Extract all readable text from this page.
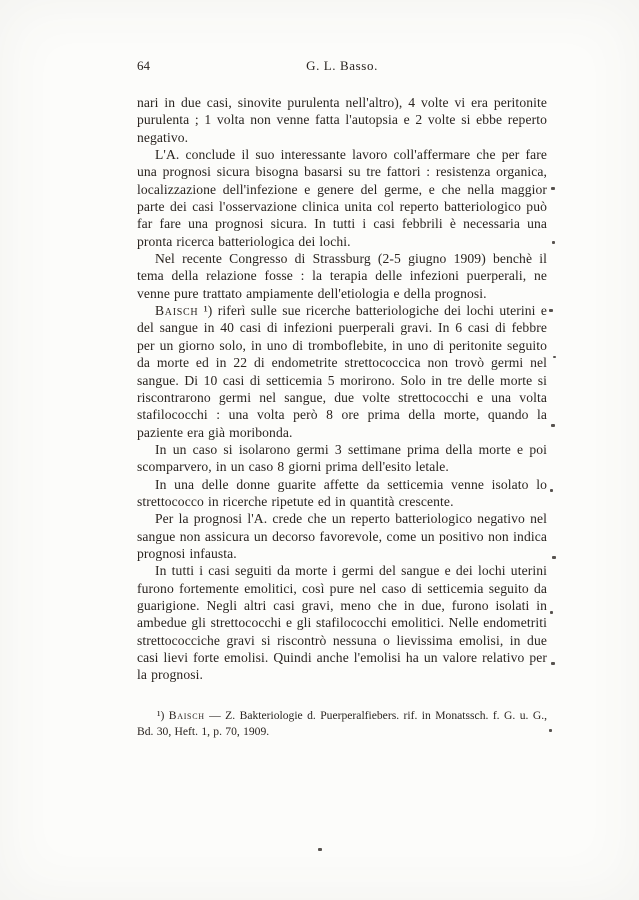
64	G. L. Basso.

nari in due casi, sinovite purulenta nell'altro), 4 volte vi era peritonite purulenta ; 1 volta non venne fatta l'autopsia e 2 volte si ebbe reperto negativo.

L'A. conclude il suo interessante lavoro coll'affermare che per fare una prognosi sicura bisogna basarsi su tre fattori : resistenza organica, localizzazione dell'infezione e genere del germe, e che nella maggior parte dei casi l'osservazione clinica unita col reperto batteriologico può far fare una prognosi sicura. In tutti i casi febbrili è necessaria una pronta ricerca batteriologica dei lochi.

Nel recente Congresso di Strassburg (2-5 giugno 1909) benchè il tema della relazione fosse : la terapia delle infezioni puerperali, ne venne pure trattato ampiamente dell'etiologia e della prognosi.

Baisch ¹) riferì sulle sue ricerche batteriologiche dei lochi uterini e del sangue in 40 casi di infezioni puerperali gravi. In 6 casi di febbre per un giorno solo, in uno di tromboflebite, in uno di peritonite seguito da morte ed in 22 di endometrite strettococcica non trovò germi nel sangue. Di 10 casi di setticemia 5 morirono. Solo in tre delle morte si riscontrarono germi nel sangue, due volte strettococchi e una volta stafilococchi : una volta però 8 ore prima della morte, quando la paziente era già moribonda.

In un caso si isolarono germi 3 settimane prima della morte e poi scomparvero, in un caso 8 giorni prima dell'esito letale.

In una delle donne guarite affette da setticemia venne isolato lo strettococco in ricerche ripetute ed in quantità crescente.

Per la prognosi l'A. crede che un reperto batteriologico negativo nel sangue non assicura un decorso favorevole, come un positivo non indica prognosi infausta.

In tutti i casi seguiti da morte i germi del sangue e dei lochi uterini furono fortemente emolitici, così pure nel caso di setticemia seguito da guarigione. Negli altri casi gravi, meno che in due, furono isolati in ambedue gli strettococchi e gli stafilococchi emolitici. Nelle endometriti strettococciche gravi si riscontrò nessuna o lievissima emolisi, in due casi lievi forte emolisi. Quindi anche l'emolisi ha un valore relativo per la prognosi.

¹) Baisch — Z. Bakteriologie d. Puerperalfiebers. rif. in Monatssch. f. G. u. G., Bd. 30, Heft. 1, p. 70, 1909.
